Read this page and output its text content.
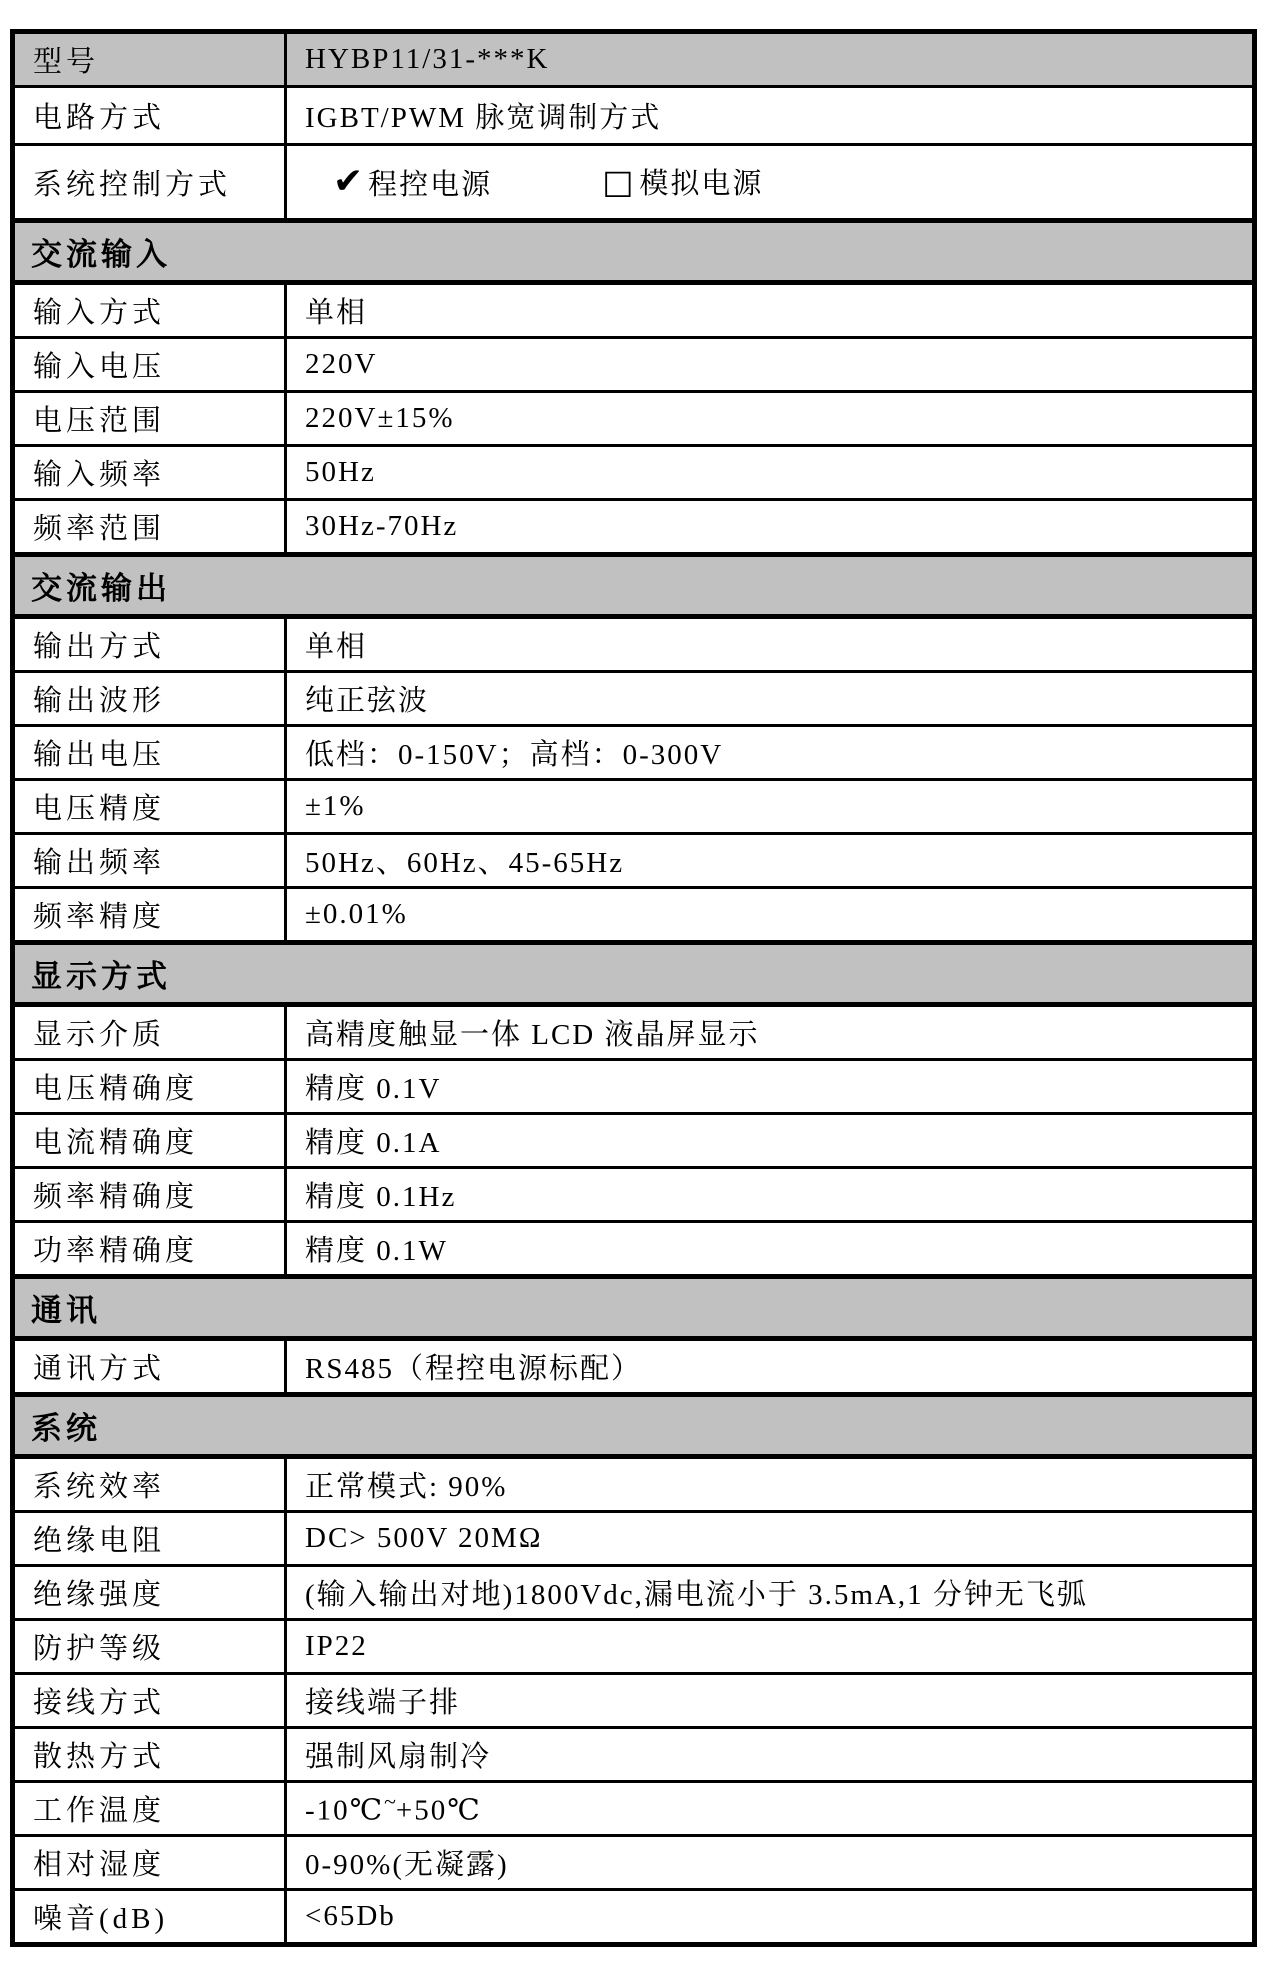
型号	HYBP11/31-***K
电路方式	IGBT/PWM 脉宽调制方式
系统控制方式	✔ 程控电源 □ 模拟电源

交流输入	
输入方式	单相
输入电压	220V
电压范围	220V±15%
输入频率	50Hz
频率范围	30Hz-70Hz
交流输出	
输出方式	单相
输出波形	纯正弦波
输出电压	低档：0-150V；高档：0-300V
电压精度	±1%
输出频率	50Hz、60Hz、45-65Hz
频率精度	±0.01%
显示方式	
显示介质	高精度触显一体 LCD 液晶屏显示
电压精确度	精度 0.1V
电流精确度	精度 0.1A
频率精确度	精度 0.1Hz
功率精确度	精度 0.1W
通讯	
通讯方式	RS485（程控电源标配）
系统	
系统效率	正常模式: 90%
绝缘电阻	DC> 500V 20MΩ
绝缘强度	(输入输出对地)1800Vdc,漏电流小于 3.5mA,1 分钟无飞弧
防护等级	IP22
接线方式	接线端子排
散热方式	强制风扇制冷
工作温度	-10℃~+50℃
相对湿度	0-90%(无凝露)
噪音(dB)	<65Db
